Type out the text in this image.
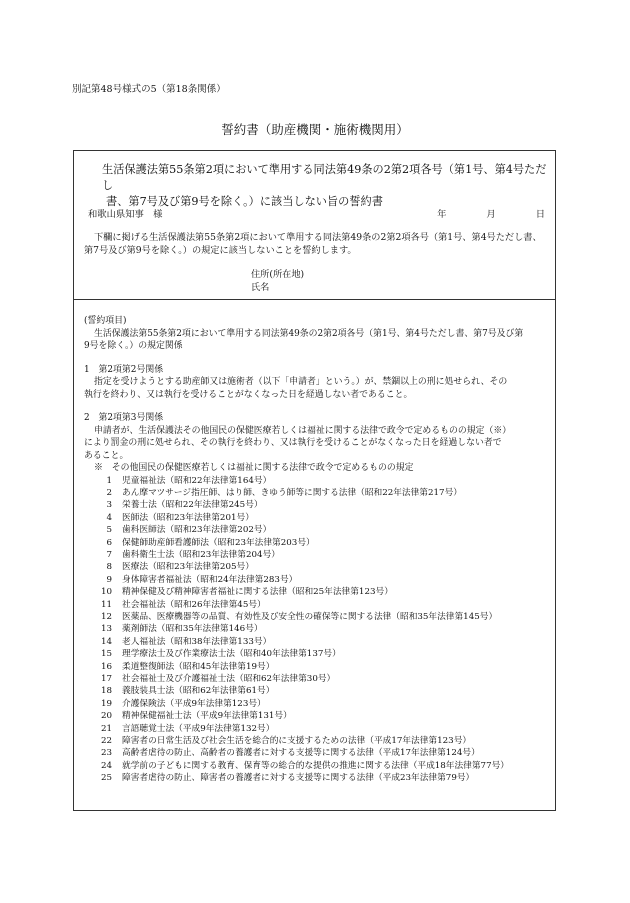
別記第48号様式の5（第18条関係）
誓約書（助産機関・施術機関用）

生活保護法第55条第2項において準用する同法第49条の2第2項各号（第1号、第4号ただし

書、第7号及び第9号を除く。）に該当しない旨の誓約書

和歌山県知事　様	年	月	日

下欄に掲げる生活保護法第55条第2項において準用する同法第49条の2第2項各号（第1号、第4号ただし書、

第7号及び第9号を除く。）の規定に該当しないことを誓約します。

住所(所在地)
氏名

(誓約項目)

生活保護法第55条第2項において準用する同法第49条の2第2項各号（第1号、第4号ただし書、第7号及び第

9号を除く。）の規定関係

1　第2項第2号関係

指定を受けようとする助産師又は施術者（以下「申請者」という。）が、禁錮以上の刑に処せられ、その

執行を終わり、又は執行を受けることがなくなった日を経過しない者であること。

2　第2項第3号関係

申請者が、生活保護法その他国民の保健医療若しくは福祉に関する法律で政令で定めるものの規定（※）

により罰金の刑に処せられ、その執行を終わり、又は執行を受けることがなくなった日を経過しない者で

あること。

※　その他国民の保健医療若しくは福祉に関する法律で政令で定めるものの規定

1	児童福祉法（昭和22年法律第164号）
2	あん摩マツサージ指圧師、はり師、きゆう師等に関する法律（昭和22年法律第217号）
3	栄養士法（昭和22年法律第245号）
4	医師法（昭和23年法律第201号）
5	歯科医師法（昭和23年法律第202号）
6	保健師助産師看護師法（昭和23年法律第203号）
7	歯科衛生士法（昭和23年法律第204号）
8	医療法（昭和23年法律第205号）
9	身体障害者福祉法（昭和24年法律第283号）
10	精神保健及び精神障害者福祉に関する法律（昭和25年法律第123号）
11	社会福祉法（昭和26年法律第45号）
12	医薬品、医療機器等の品質、有効性及び安全性の確保等に関する法律（昭和35年法律第145号）
13	薬剤師法（昭和35年法律第146号）
14	老人福祉法（昭和38年法律第133号）
15	理学療法士及び作業療法士法（昭和40年法律第137号）
16	柔道整復師法（昭和45年法律第19号）
17	社会福祉士及び介護福祉士法（昭和62年法律第30号）
18	義肢装具士法（昭和62年法律第61号）
19	介護保険法（平成9年法律第123号）
20	精神保健福祉士法（平成9年法律第131号）
21	言語聴覚士法（平成9年法律第132号）
22	障害者の日常生活及び社会生活を総合的に支援するための法律（平成17年法律第123号）
23	高齢者虐待の防止、高齢者の養護者に対する支援等に関する法律（平成17年法律第124号）
24	就学前の子どもに関する教育、保育等の総合的な提供の推進に関する法律（平成18年法律第77号）
25	障害者虐待の防止、障害者の養護者に対する支援等に関する法律（平成23年法律第79号）
